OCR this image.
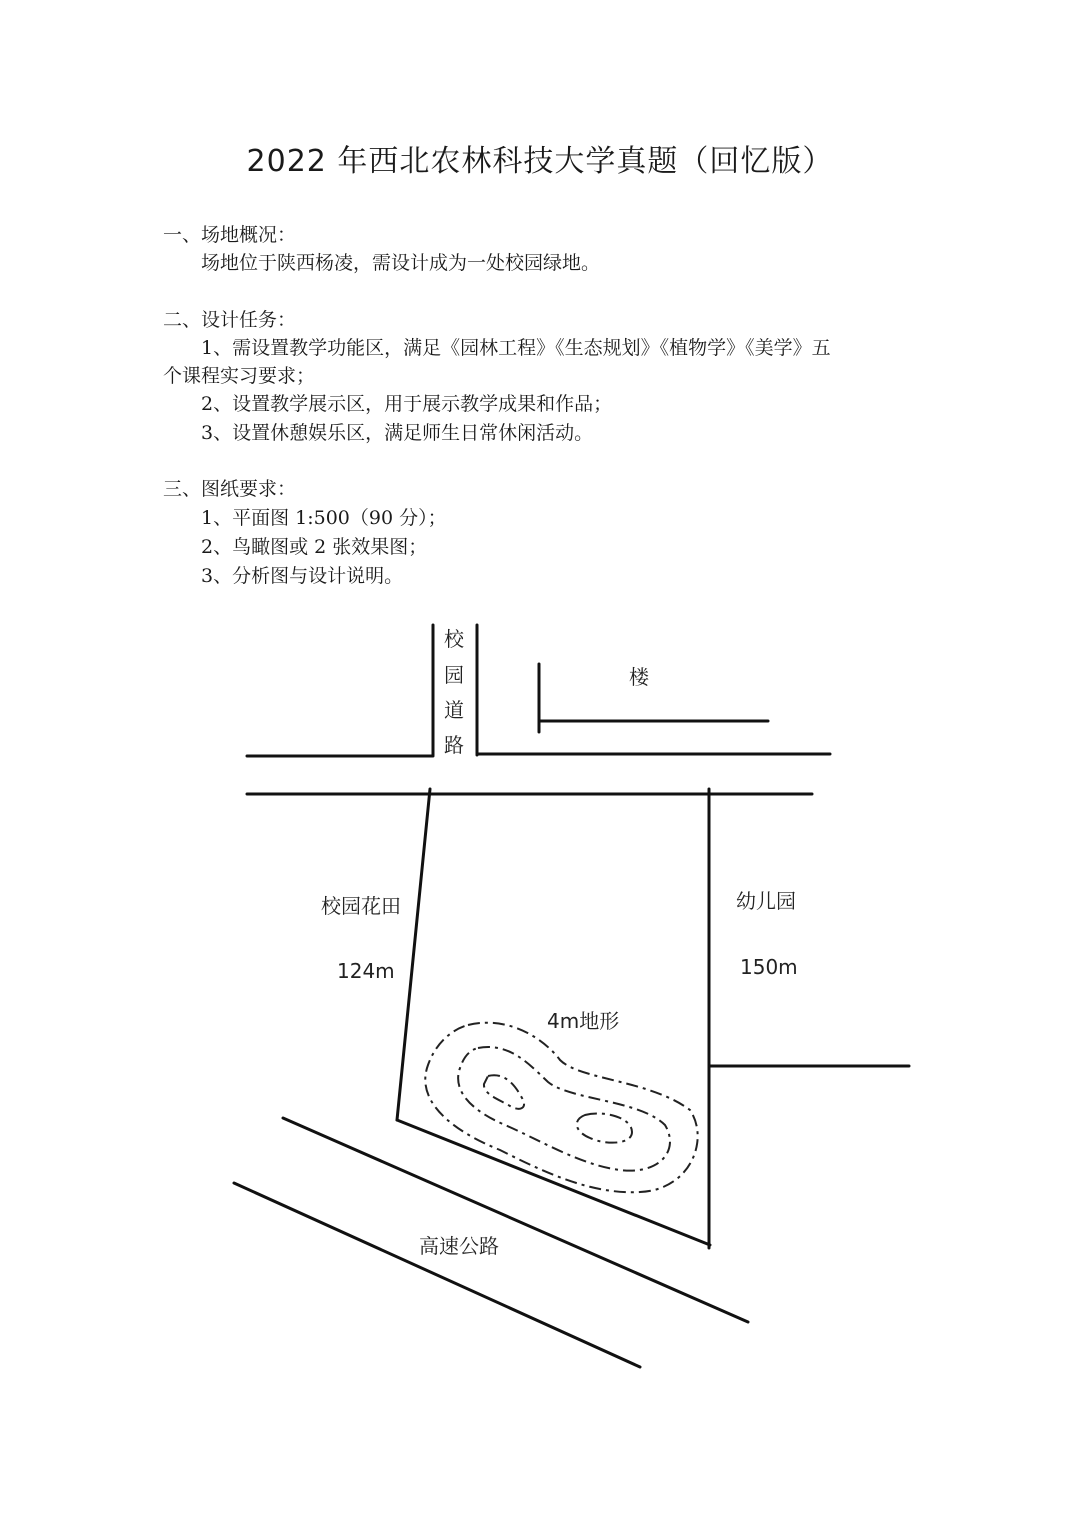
2022 年西北农林科技大学真题（回忆版）
一、场地概况：
场地位于陕西杨凌，需设计成为一处校园绿地。
二、设计任务：
1、需设置教学功能区，满足《园林工程》《生态规划》《植物学》《美学》五
个课程实习要求；
2、设置教学展示区，用于展示教学成果和作品；
3、设置休憩娱乐区，满足师生日常休闲活动。
三、图纸要求：
1、平面图 1:500（90 分）；
2、鸟瞰图或 2 张效果图；
3、分析图与设计说明。
校
园
道
路
楼
校园花田
124m
幼儿园
150m
4m地形
高速公路
